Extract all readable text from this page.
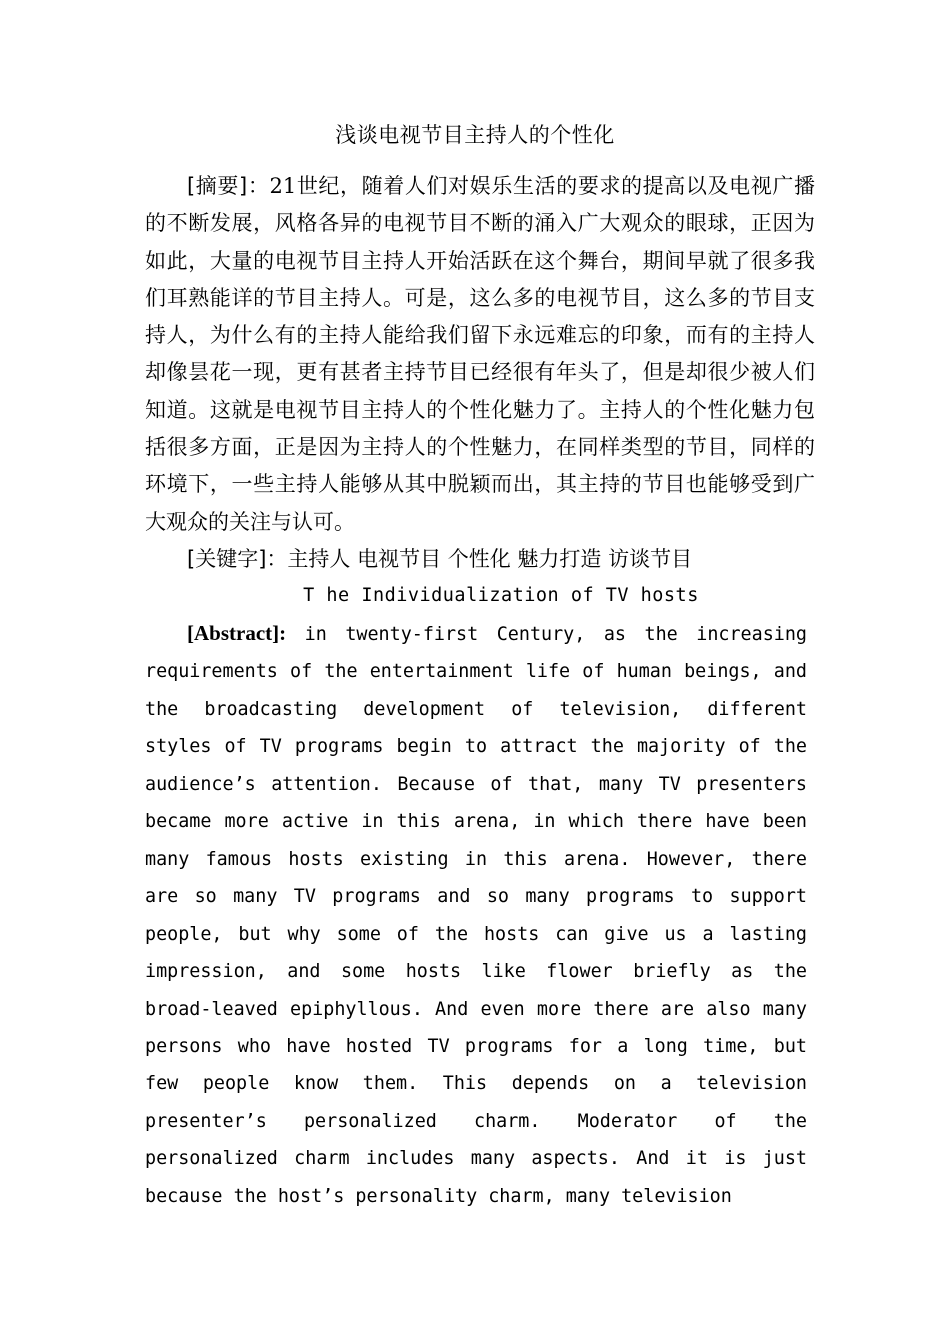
浅谈电视节目主持人的个性化

[摘要]：21世纪，随着人们对娱乐生活的要求的提高以及电视广播的不断发展，风格各异的电视节目不断的涌入广大观众的眼球，正因为如此，大量的电视节目主持人开始活跃在这个舞台，期间早就了很多我们耳熟能详的节目主持人。可是，这么多的电视节目，这么多的节目支持人，为什么有的主持人能给我们留下永远难忘的印象，而有的主持人却像昙花一现，更有甚者主持节目已经很有年头了，但是却很少被人们知道。这就是电视节目主持人的个性化魅力了。主持人的个性化魅力包括很多方面，正是因为主持人的个性魅力，在同样类型的节目，同样的环境下，一些主持人能够从其中脱颖而出，其主持的节目也能够受到广大观众的关注与认可。

[关键字]：主持人 电视节目 个性化 魅力打造 访谈节目
T he Individualization of TV hosts

[Abstract]: in twenty-first Century, as the increasing requirements of the entertainment life of human beings, and the broadcasting development of television, different styles of TV programs begin to attract the majority of the audience’s attention. Because of that, many TV presenters became more active in this arena, in which there have been many famous hosts existing in this arena. However, there are so many TV programs and so many programs to support people, but why some of the hosts can give us a lasting impression, and some hosts like flower briefly as the broad-leaved epiphyllous. And even more there are also many persons who have hosted TV programs for a long time, but few people know them. This depends on a television presenter’s personalized charm. Moderator of the personalized charm includes many aspects. And it is just because the host’s personality charm, many television
